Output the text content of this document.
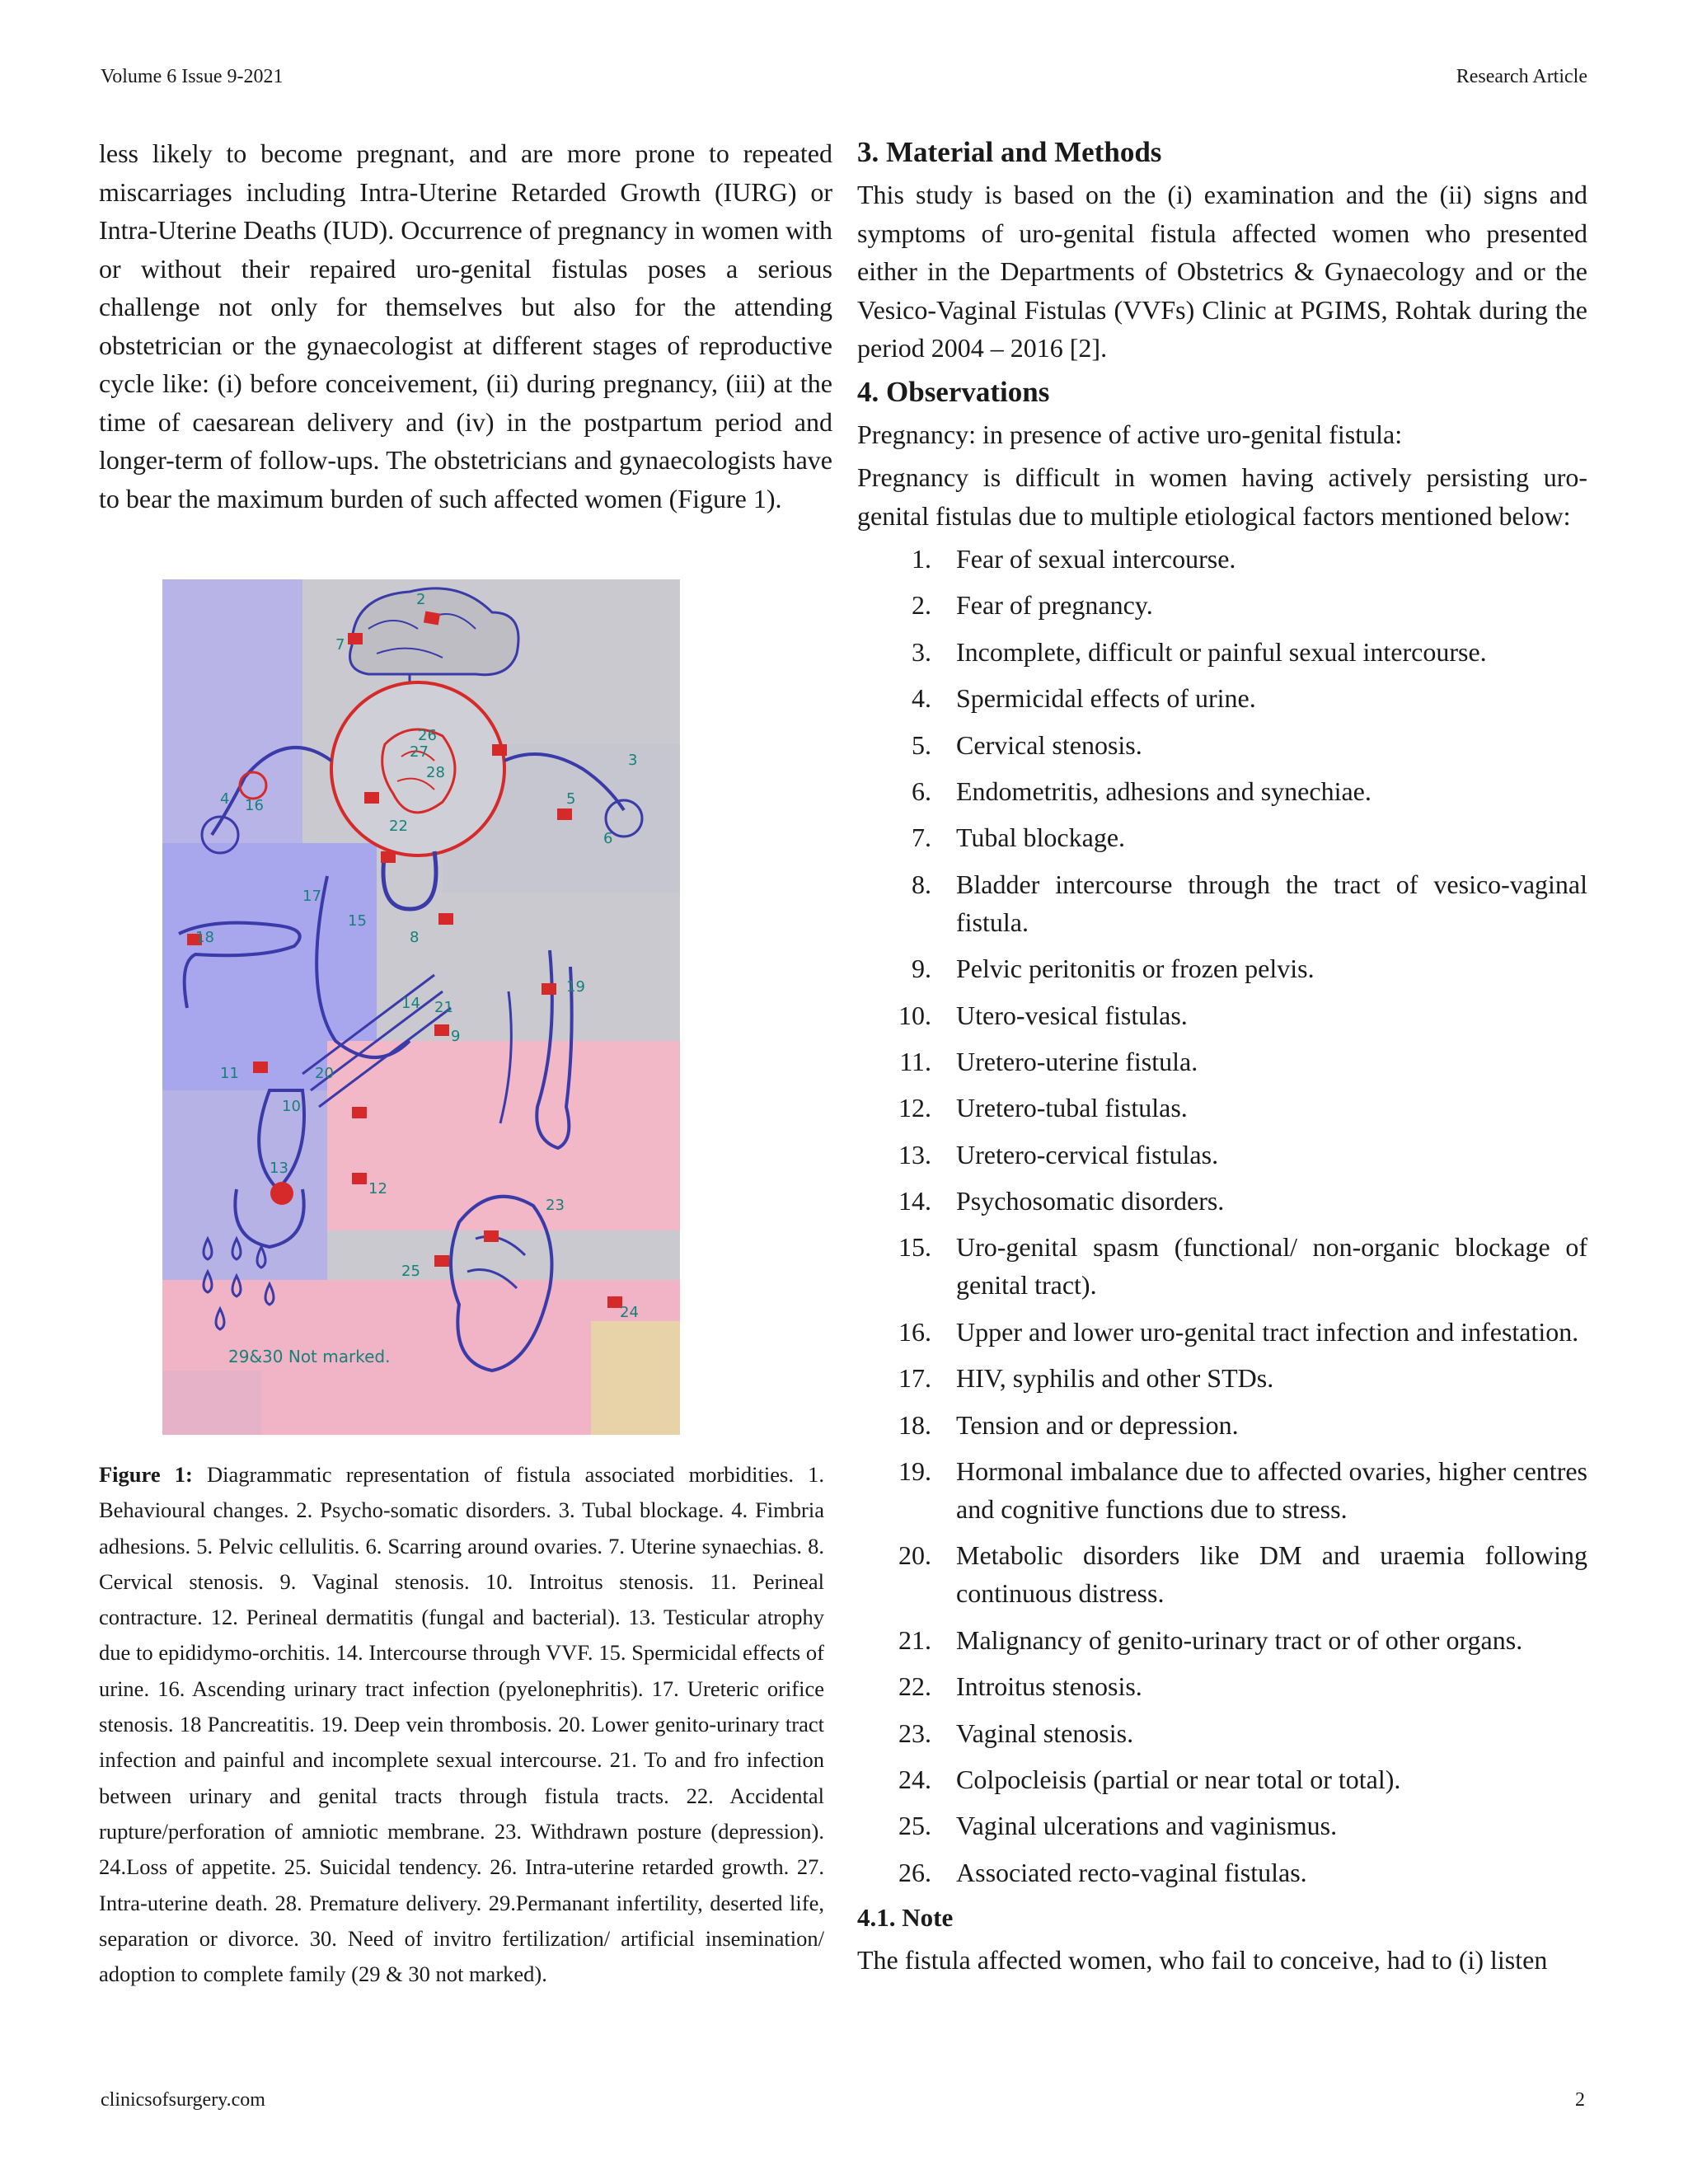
Volume 6 Issue 9-2021	Research Article

less likely to become pregnant, and are more prone to repeated miscarriages including Intra-Uterine Retarded Growth (IURG) or Intra-Uterine Deaths (IUD). Occurrence of pregnancy in women with or without their repaired uro-genital fistulas poses a serious challenge not only for themselves but also for the attending obstetrician or the gynaecologist at different stages of reproductive cycle like: (i) before conceivement, (ii) during pregnancy, (iii) at the time of caesarean delivery and (iv) in the postpartum period and longer-term of follow-ups. The obstetricians and gynaecologists have to bear the maximum burden of such affected women (Figure 1).

2
7
3
4 16	5
6
27
28
26
22
17
15
18	8
14 21
19
9
11	20
10
13
12
23
25
24
29&30 Not marked.

Figure 1: Diagrammatic representation of fistula associated morbidities. 1. Behavioural changes. 2. Psycho-somatic disorders. 3. Tubal blockage. 4. Fimbria adhesions. 5. Pelvic cellulitis. 6. Scarring around ovaries. 7. Uterine synaechias. 8. Cervical stenosis. 9. Vaginal stenosis. 10. Introitus stenosis. 11. Perineal contracture. 12. Perineal dermatitis (fungal and bacterial). 13. Testicular atrophy due to epididymo-orchitis. 14. Intercourse through VVF. 15. Spermicidal effects of urine. 16. Ascending urinary tract infection (pyelonephritis). 17. Ureteric orifice stenosis. 18 Pancreatitis. 19. Deep vein thrombosis. 20. Lower genito-urinary tract infection and painful and incomplete sexual intercourse. 21. To and fro infection between urinary and genital tracts through fistula tracts. 22. Accidental rupture/perforation of amniotic membrane. 23. Withdrawn posture (depression). 24.Loss of appetite. 25. Suicidal tendency. 26. Intra-uterine retarded growth. 27. Intra-uterine death. 28. Premature delivery. 29.Permanant infertility, deserted life, separation or divorce. 30. Need of invitro fertilization/ artificial insemination/ adoption to complete family (29 & 30 not marked).

3. Material and Methods

This study is based on the (i) examination and the (ii) signs and symptoms of uro-genital fistula affected women who presented either in the Departments of Obstetrics & Gynaecology and or the Vesico-Vaginal Fistulas (VVFs) Clinic at PGIMS, Rohtak during the period 2004 – 2016 [2].

4. Observations

Pregnancy: in presence of active uro-genital fistula:

Pregnancy is difficult in women having actively persisting uro-genital fistulas due to multiple etiological factors mentioned below:

1. Fear of sexual intercourse.
2. Fear of pregnancy.
3. Incomplete, difficult or painful sexual intercourse.
4. Spermicidal effects of urine.
5. Cervical stenosis.
6. Endometritis, adhesions and synechiae.
7. Tubal blockage.
8. Bladder intercourse through the tract of vesico-vaginal fistula.
9. Pelvic peritonitis or frozen pelvis.
10. Utero-vesical fistulas.
11. Uretero-uterine fistula.
12. Uretero-tubal fistulas.
13. Uretero-cervical fistulas.
14. Psychosomatic disorders.
15. Uro-genital spasm (functional/ non-organic blockage of genital tract).
16. Upper and lower uro-genital tract infection and infestation.
17. HIV, syphilis and other STDs.
18. Tension and or depression.
19. Hormonal imbalance due to affected ovaries, higher centres and cognitive functions due to stress.
20. Metabolic disorders like DM and uraemia following continuous distress.
21. Malignancy of genito-urinary tract or of other organs.
22. Introitus stenosis.
23. Vaginal stenosis.
24. Colpocleisis (partial or near total or total).
25. Vaginal ulcerations and vaginismus.
26. Associated recto-vaginal fistulas.
4.1. Note

The fistula affected women, who fail to conceive, had to (i) listen

clinicsofsurgery.com	2
